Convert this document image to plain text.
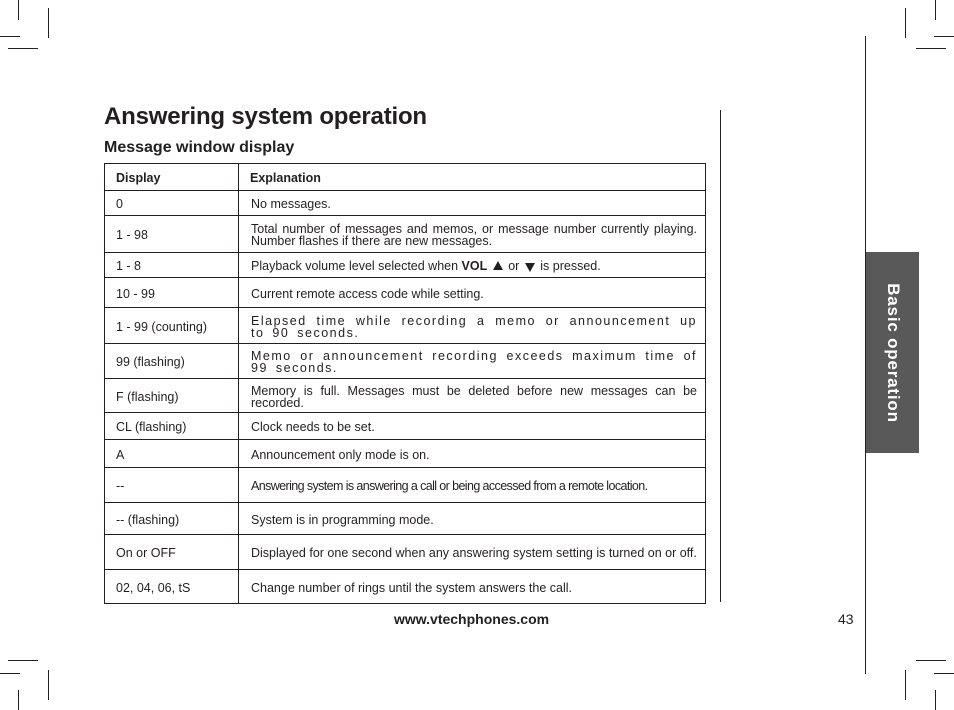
Answering system operation
Message window display
Display	Explanation
0	No messages.
1 - 98	Total number of messages and memos, or message number currently playing. Number flashes if there are new messages.
1 - 8	Playback volume level selected when VOL  or  is pressed.
10 - 99	Current remote access code while setting.
1 - 99 (counting)	Elapsed time while recording a memo or announcement up to 90 seconds.
99 (flashing)	Memo or announcement recording exceeds maximum time of 99 seconds.
F (flashing)	Memory is full. Messages must be deleted before new messages can be recorded.
CL (flashing)	Clock needs to be set.
A	Announcement only mode is on.
--	Answering system is answering a call or being accessed from a remote location.
-- (flashing)	System is in programming mode.
On or OFF	Displayed for one second when any answering system setting is turned on or off.
02, 04, 06, tS	Change number of rings until the system answers the call.
Basic operation
www.vtechphones.com	43
